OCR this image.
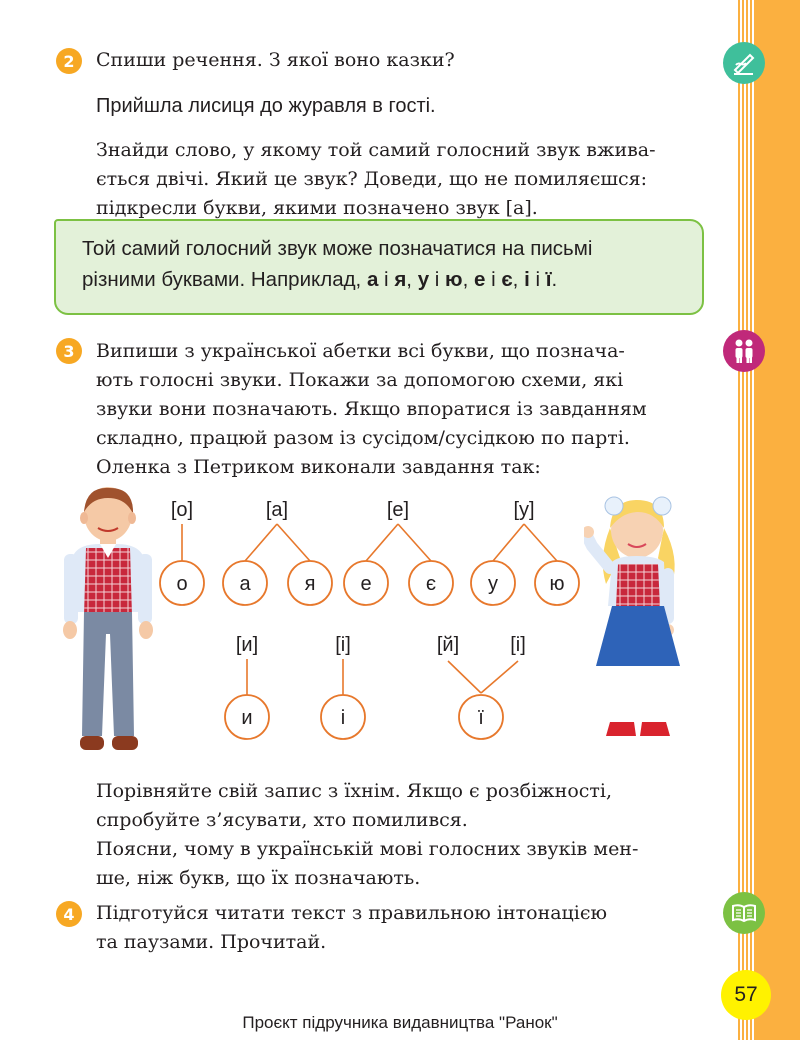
2	Спиши речення. З якої воно казки?

Прийшла лисиця до журавля в гості.

Знайди слово, у якому той самий голосний звук вжива-
ється двічі. Який це звук? Доведи, що не помиляєшся:
підкресли букви, якими позначено звук [а].

Той самий голосний звук може позначатися на письмі
різними буквами. Наприклад, а і я, у і ю, е і є, і і ї.

3	Випиши з української абетки всі букви, що познача-
ють голосні звуки. Покажи за допомогою схеми, які
звуки вони позначають. Якщо впоратися із завданням
складно, працюй разом із сусідом/сусідкою по парті.

Оленка з Петриком виконали завдання так:

[о]	[а]	[е]	[у]
[и]	[і]	[й]	[і]
о	а	я е	є	у	ю
и	і	ї
Порівняйте свій запис з їхнім. Якщо є розбіжності,
спробуйте з’ясувати, хто помилився.
Поясни, чому в українській мові голосних звуків мен-
ше, ніж букв, що їх позначають.
4	Підготуйся читати текст з правильною інтонацією
та паузами. Прочитай.
57
Проєкт підручника видавництва "Ранок"
